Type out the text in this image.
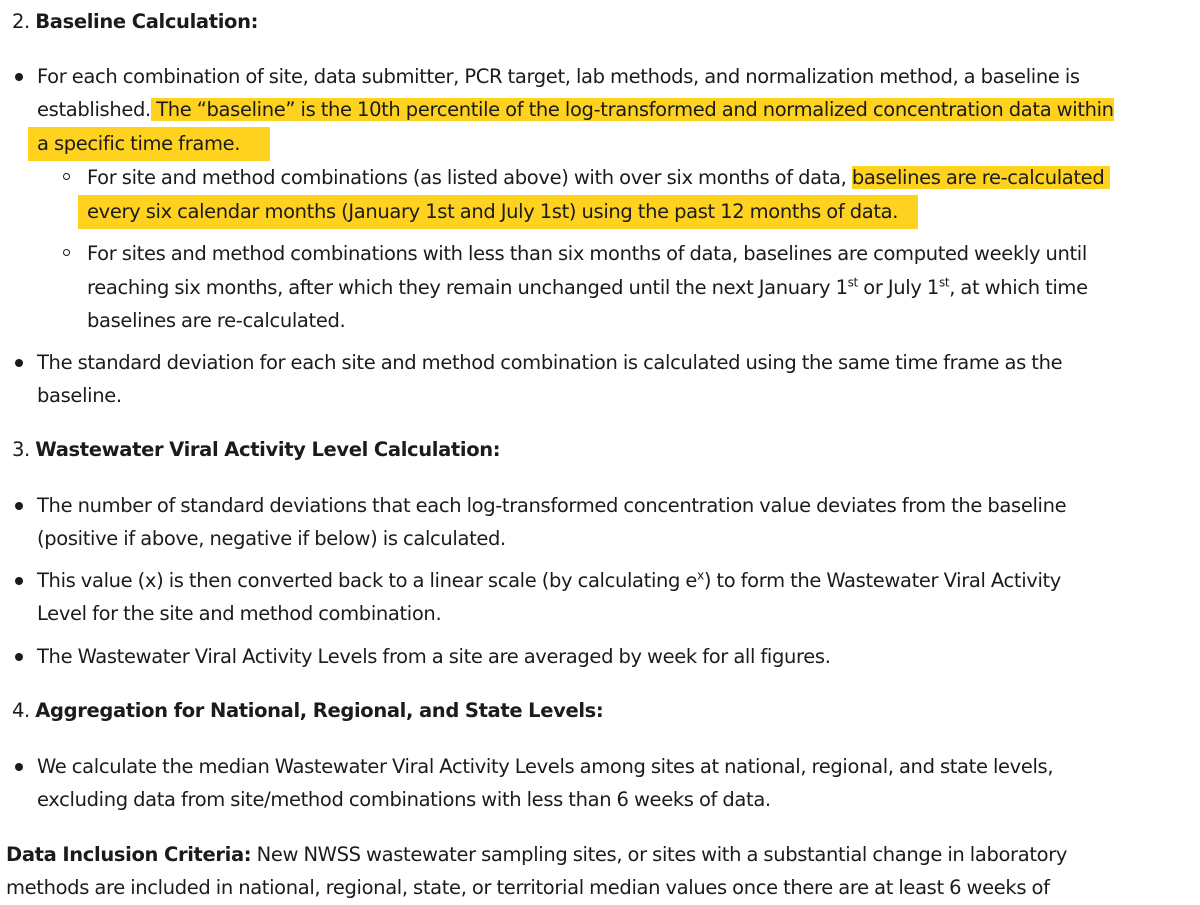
2. Baseline Calculation:
For each combination of site, data submitter, PCR target, lab methods, and normalization method, a baseline is
established. The “baseline” is the 10th percentile of the log-transformed and normalized concentration data within
a specific time frame.
For site and method combinations (as listed above) with over six months of data, baselines are re-calculated
every six calendar months (January 1st and July 1st) using the past 12 months of data.
For sites and method combinations with less than six months of data, baselines are computed weekly until
reaching six months, after which they remain unchanged until the next January 1st or July 1st, at which time
baselines are re-calculated.
The standard deviation for each site and method combination is calculated using the same time frame as the
baseline.
3. Wastewater Viral Activity Level Calculation:
The number of standard deviations that each log-transformed concentration value deviates from the baseline
(positive if above, negative if below) is calculated.
This value (x) is then converted back to a linear scale (by calculating $e^x$) to form the Wastewater Viral Activity
Level for the site and method combination.
The Wastewater Viral Activity Levels from a site are averaged by week for all figures.
4. Aggregation for National, Regional, and State Levels:
We calculate the median Wastewater Viral Activity Levels among sites at national, regional, and state levels,
excluding data from site/method combinations with less than 6 weeks of data.
Data Inclusion Criteria: New NWSS wastewater sampling sites, or sites with a substantial change in laboratory
methods are included in national, regional, state, or territorial median values once there are at least 6 weeks of
